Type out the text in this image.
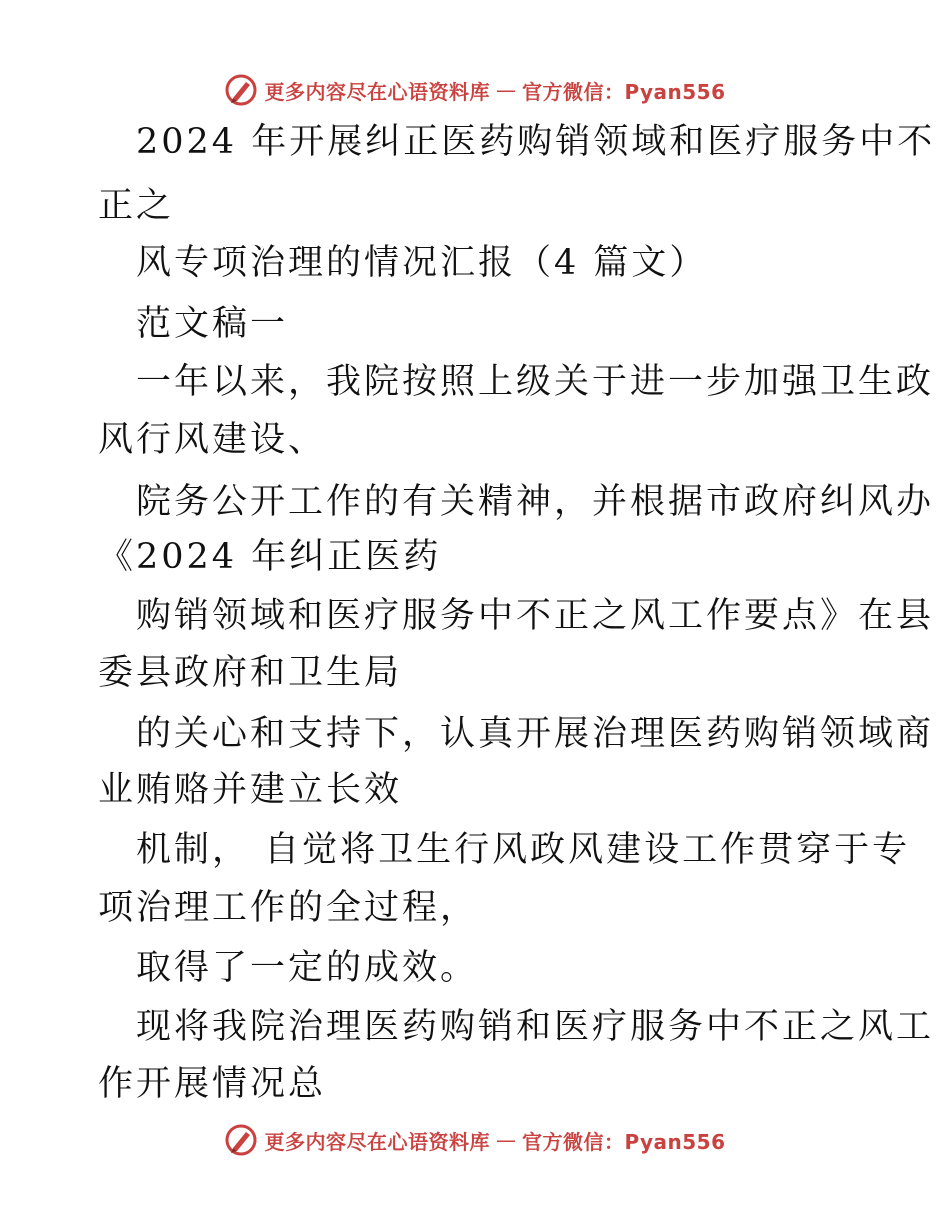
更多内容尽在心语资料库 — 官方微信：Pyan556
2024 年开展纠正医药购销领域和医疗服务中不
正之
风专项治理的情况汇报（4 篇文）
范文稿一
一年以来，我院按照上级关于进一步加强卫生政
风行风建设、
院务公开工作的有关精神，并根据市政府纠风办
《2024 年纠正医药
购销领域和医疗服务中不正之风工作要点》在县
委县政府和卫生局
的关心和支持下，认真开展治理医药购销领域商
业贿赂并建立长效
机制， 自觉将卫生行风政风建设工作贯穿于专
项治理工作的全过程，
取得了一定的成效。
现将我院治理医药购销和医疗服务中不正之风工
作开展情况总
更多内容尽在心语资料库 — 官方微信：Pyan556
